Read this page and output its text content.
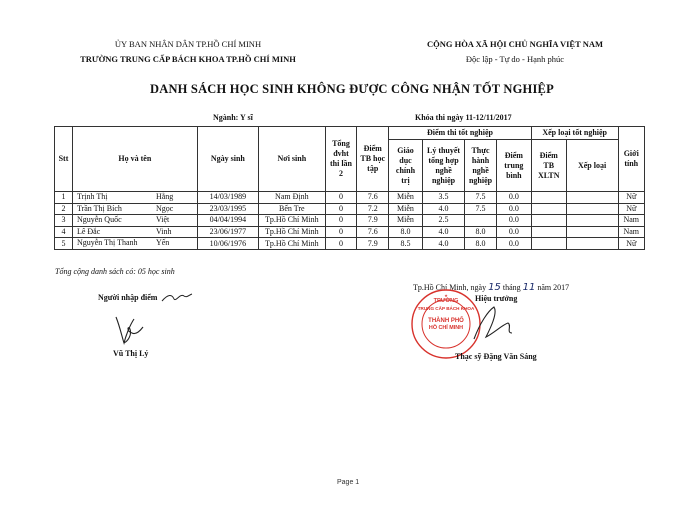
ỦY BAN NHÂN DÂN TP.HỒ CHÍ MINH
TRƯỜNG TRUNG CẤP BÁCH KHOA TP.HỒ CHÍ MINH
CỘNG HÒA XÃ HỘI CHỦ NGHĨA VIỆT NAM
Độc lập - Tự do - Hạnh phúc
DANH SÁCH HỌC SINH KHÔNG ĐƯỢC CÔNG NHẬN TỐT NGHIỆP
Ngành: Y sĩ	Khóa thi ngày 11-12/11/2017
Stt	Họ và tên	Ngày sinh	Nơi sinh	Tổng đvht thi lần 2	Điểm TB học tập	Điểm thi tốt nghiệp				Xếp loại tốt nghiệp		Giới tính
						Giáo dục chính trị	Lý thuyết tổng hợp nghề nghiệp	Thực hành nghề nghiệp	Điểm trung bình	Điểm TB XLTN	Xếp loại	
1	Trịnh Thị Hằng	14/03/1989	Nam Định	0	7.6	Miễn	3.5	7.5	0.0			Nữ
2	Trần Thị Bích Ngọc	23/03/1995	Bến Tre	0	7.2	Miễn	4.0	7.5	0.0			Nữ
3	Nguyễn Quốc Việt	04/04/1994	Tp.Hồ Chí Minh	0	7.9	Miễn	2.5		0.0			Nam
4	Lê Đắc Vinh	23/06/1977	Tp.Hồ Chí Minh	0	7.6	8.0	4.0	8.0	0.0			Nam
5	Nguyễn Thị Thanh Yến	10/06/1976	Tp.Hồ Chí Minh	0	7.9	8.5	4.0	8.0	0.0			Nữ
Tổng cộng danh sách có: 05 học sinh
Người nhập điểm
Vũ Thị Lý
Tp.Hồ Chí Minh, ngày 15 tháng 11 năm 2017
Hiệu trưởng
★
TRƯỜNG
TRUNG CẤP BÁCH KHOA
THÀNH PHỐ
HỒ CHÍ MINH
Thạc sỹ Đặng Văn Sáng
Page 1
